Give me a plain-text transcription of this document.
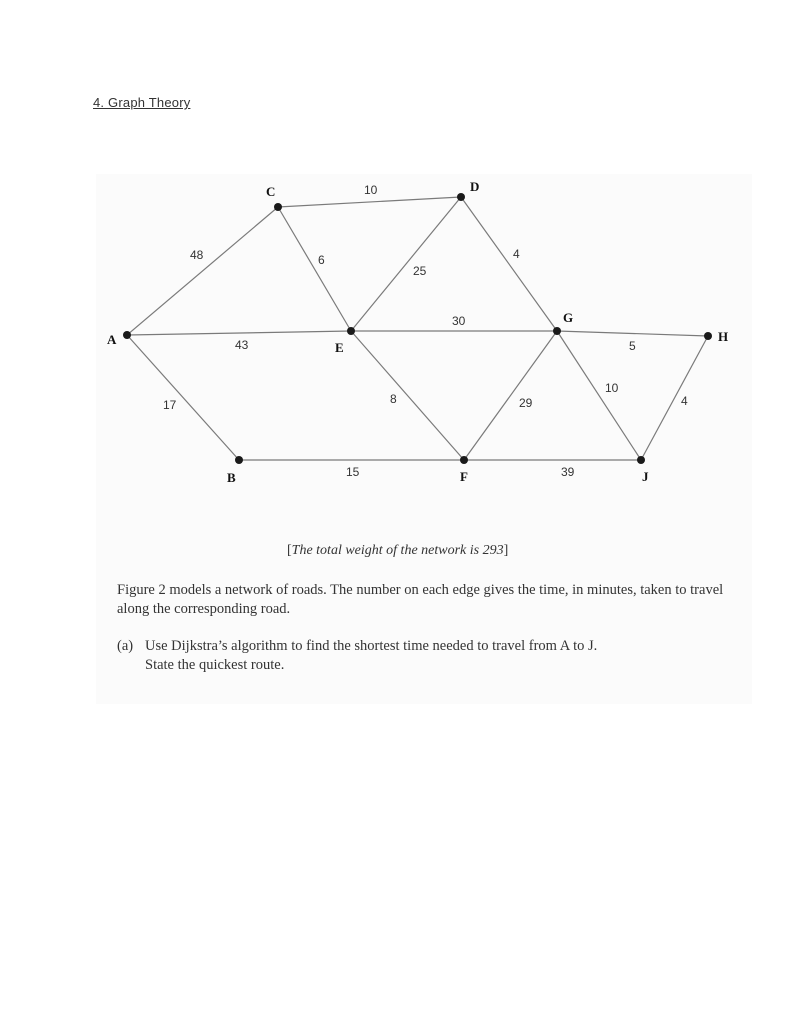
4. Graph Theory
48
43
17
10
6
25
4
30
8
15
29
5
10
39
4
A
B
C	D
E
F
G
H
J
[The total weight of the network is 293]
Figure 2 models a network of roads. The number on each edge gives the time, in minutes, taken to travel along the corresponding road.
(a) Use Dijkstra’s algorithm to find the shortest time needed to travel from A to J.
State the quickest route.
